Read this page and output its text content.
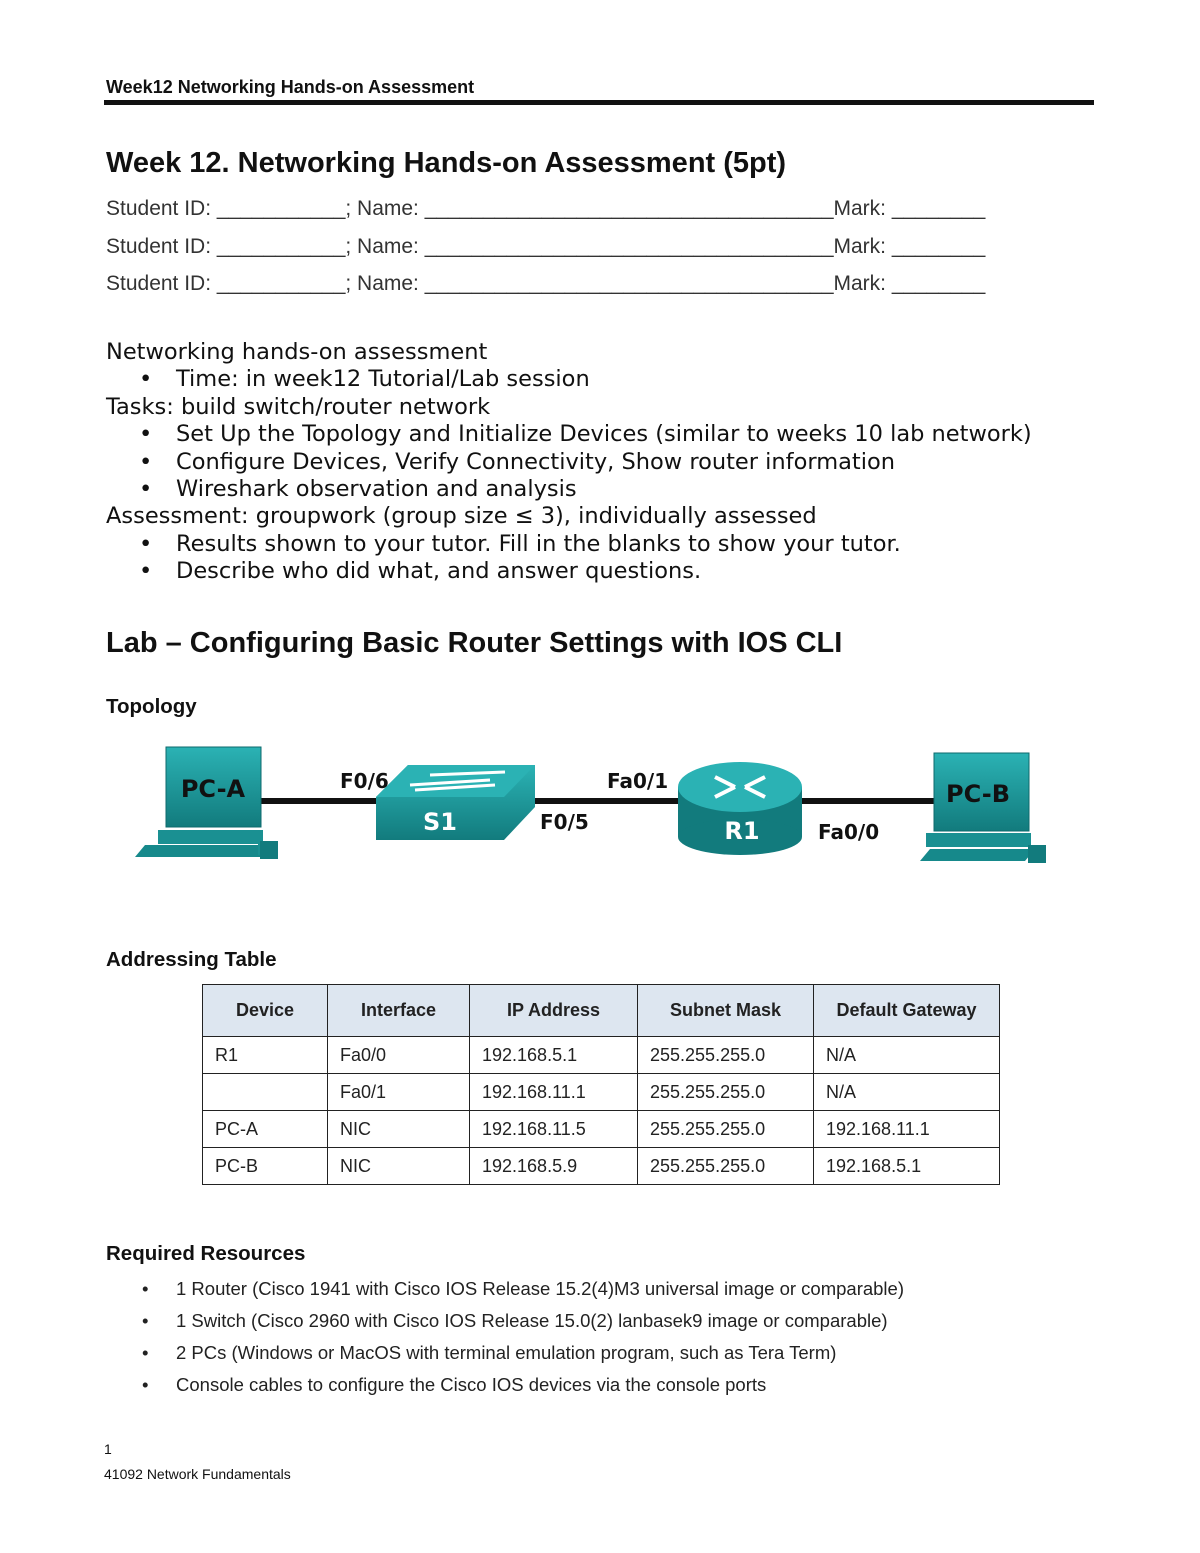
Week12 Networking Hands-on Assessment
Week 12. Networking Hands-on Assessment (5pt)
Student ID: ___________; Name: ___________________________________Mark: ________
Student ID: ___________; Name: ___________________________________Mark: ________
Student ID: ___________; Name: ___________________________________Mark: ________
Networking hands-on assessment
• Time: in week12 Tutorial/Lab session
Tasks: build switch/router network
• Set Up the Topology and Initialize Devices (similar to weeks 10 lab network)
• Configure Devices, Verify Connectivity, Show router information
• Wireshark observation and analysis
Assessment: groupwork (group size ≤ 3), individually assessed
• Results shown to your tutor. Fill in the blanks to show your tutor.
• Describe who did what, and answer questions.
Lab – Configuring Basic Router Settings with IOS CLI
Topology
PC-A
S1	R1
PC-B
F0/6
F0/5
Fa0/1
Fa0/0
Addressing Table
Device	Interface	IP Address	Subnet Mask	Default Gateway
R1	Fa0/0	192.168.5.1	255.255.255.0	N/A
	Fa0/1	192.168.11.1	255.255.255.0	N/A
PC-A	NIC	192.168.11.5	255.255.255.0	192.168.11.1
PC-B	NIC	192.168.5.9	255.255.255.0	192.168.5.1
Required Resources
• 1 Router (Cisco 1941 with Cisco IOS Release 15.2(4)M3 universal image or comparable)
• 1 Switch (Cisco 2960 with Cisco IOS Release 15.0(2) lanbasek9 image or comparable)
• 2 PCs (Windows or MacOS with terminal emulation program, such as Tera Term)
• Console cables to configure the Cisco IOS devices via the console ports
1
41092 Network Fundamentals
